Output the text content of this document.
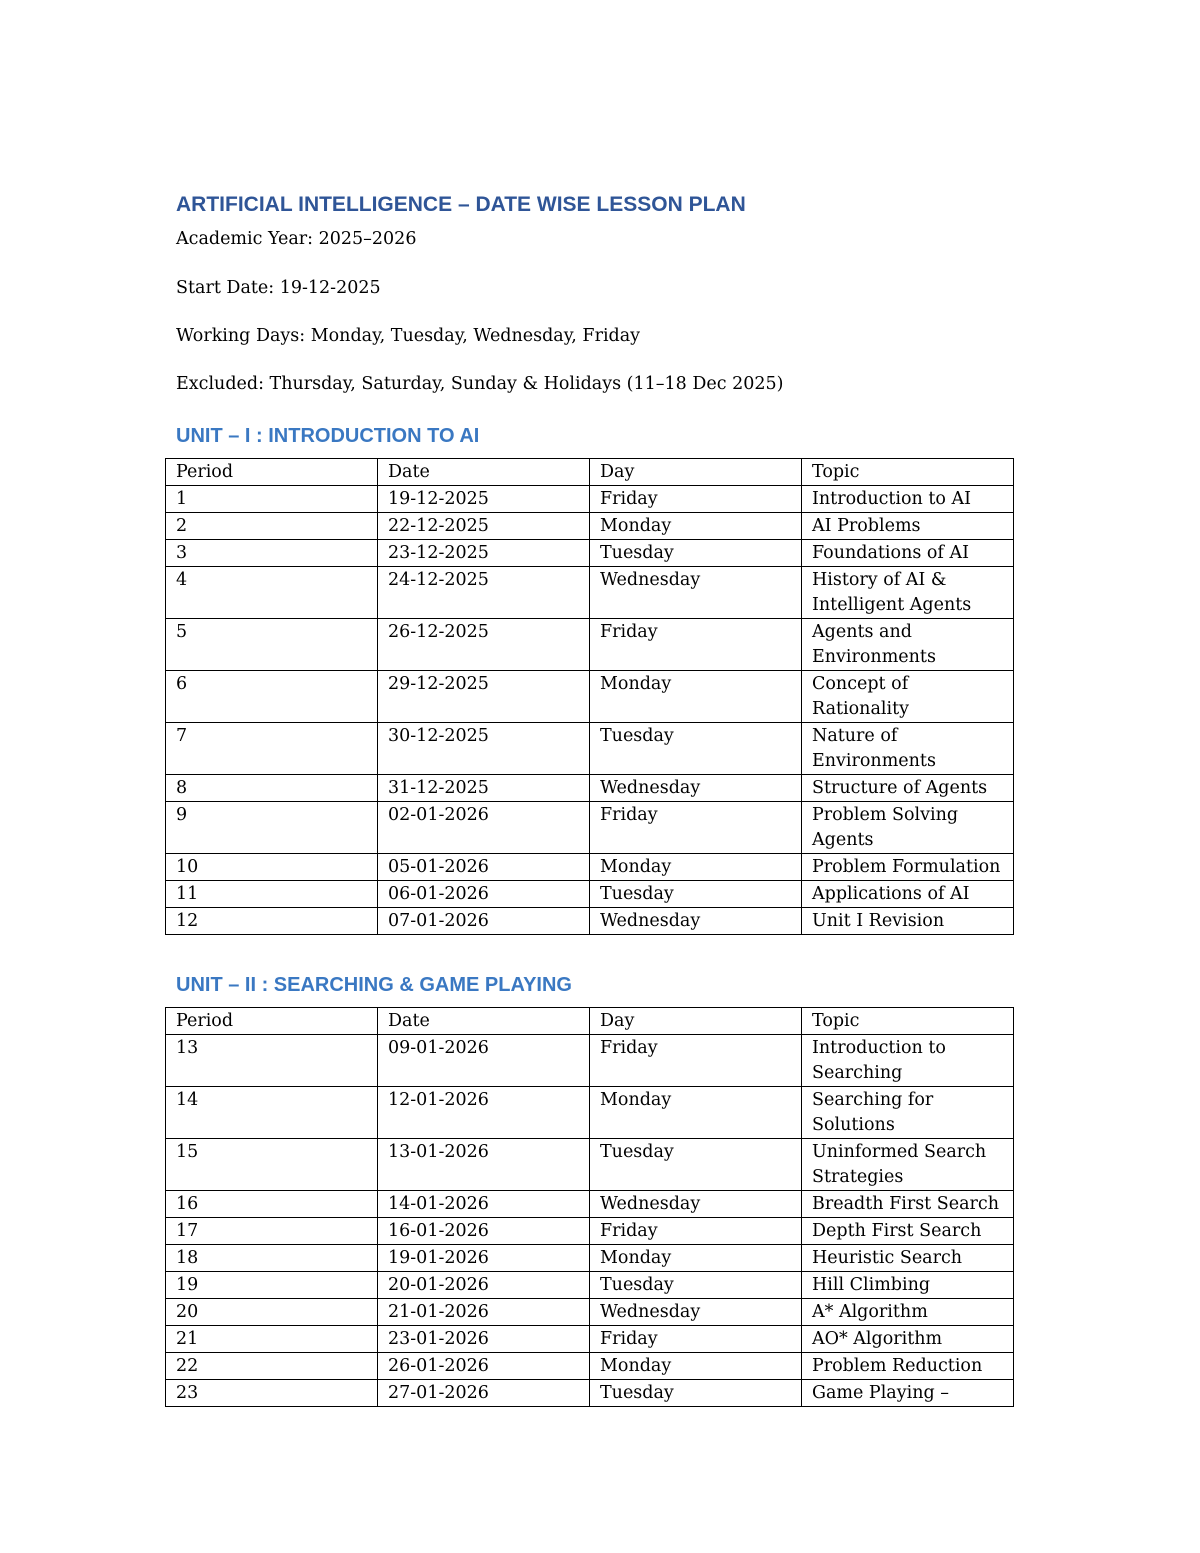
ARTIFICIAL INTELLIGENCE – DATE WISE LESSON PLAN
Academic Year: 2025–2026
Start Date: 19-12-2025
Working Days: Monday, Tuesday, Wednesday, Friday
Excluded: Thursday, Saturday, Sunday & Holidays (11–18 Dec 2025)
UNIT – I : INTRODUCTION TO AI
Period	Date	Day	Topic
1	19-12-2025	Friday	Introduction to AI
2	22-12-2025	Monday	AI Problems
3	23-12-2025	Tuesday	Foundations of AI
4	24-12-2025	Wednesday	History of AI & Intelligent Agents
5	26-12-2025	Friday	Agents and Environments
6	29-12-2025	Monday	Concept of Rationality
7	30-12-2025	Tuesday	Nature of Environments
8	31-12-2025	Wednesday	Structure of Agents
9	02-01-2026	Friday	Problem Solving Agents
10	05-01-2026	Monday	Problem Formulation
11	06-01-2026	Tuesday	Applications of AI
12	07-01-2026	Wednesday	Unit I Revision
UNIT – II : SEARCHING & GAME PLAYING
Period	Date	Day	Topic
13	09-01-2026	Friday	Introduction to Searching
14	12-01-2026	Monday	Searching for Solutions
15	13-01-2026	Tuesday	Uninformed Search Strategies
16	14-01-2026	Wednesday	Breadth First Search
17	16-01-2026	Friday	Depth First Search
18	19-01-2026	Monday	Heuristic Search
19	20-01-2026	Tuesday	Hill Climbing
20	21-01-2026	Wednesday	A* Algorithm
21	23-01-2026	Friday	AO* Algorithm
22	26-01-2026	Monday	Problem Reduction
23	27-01-2026	Tuesday	Game Playing –
